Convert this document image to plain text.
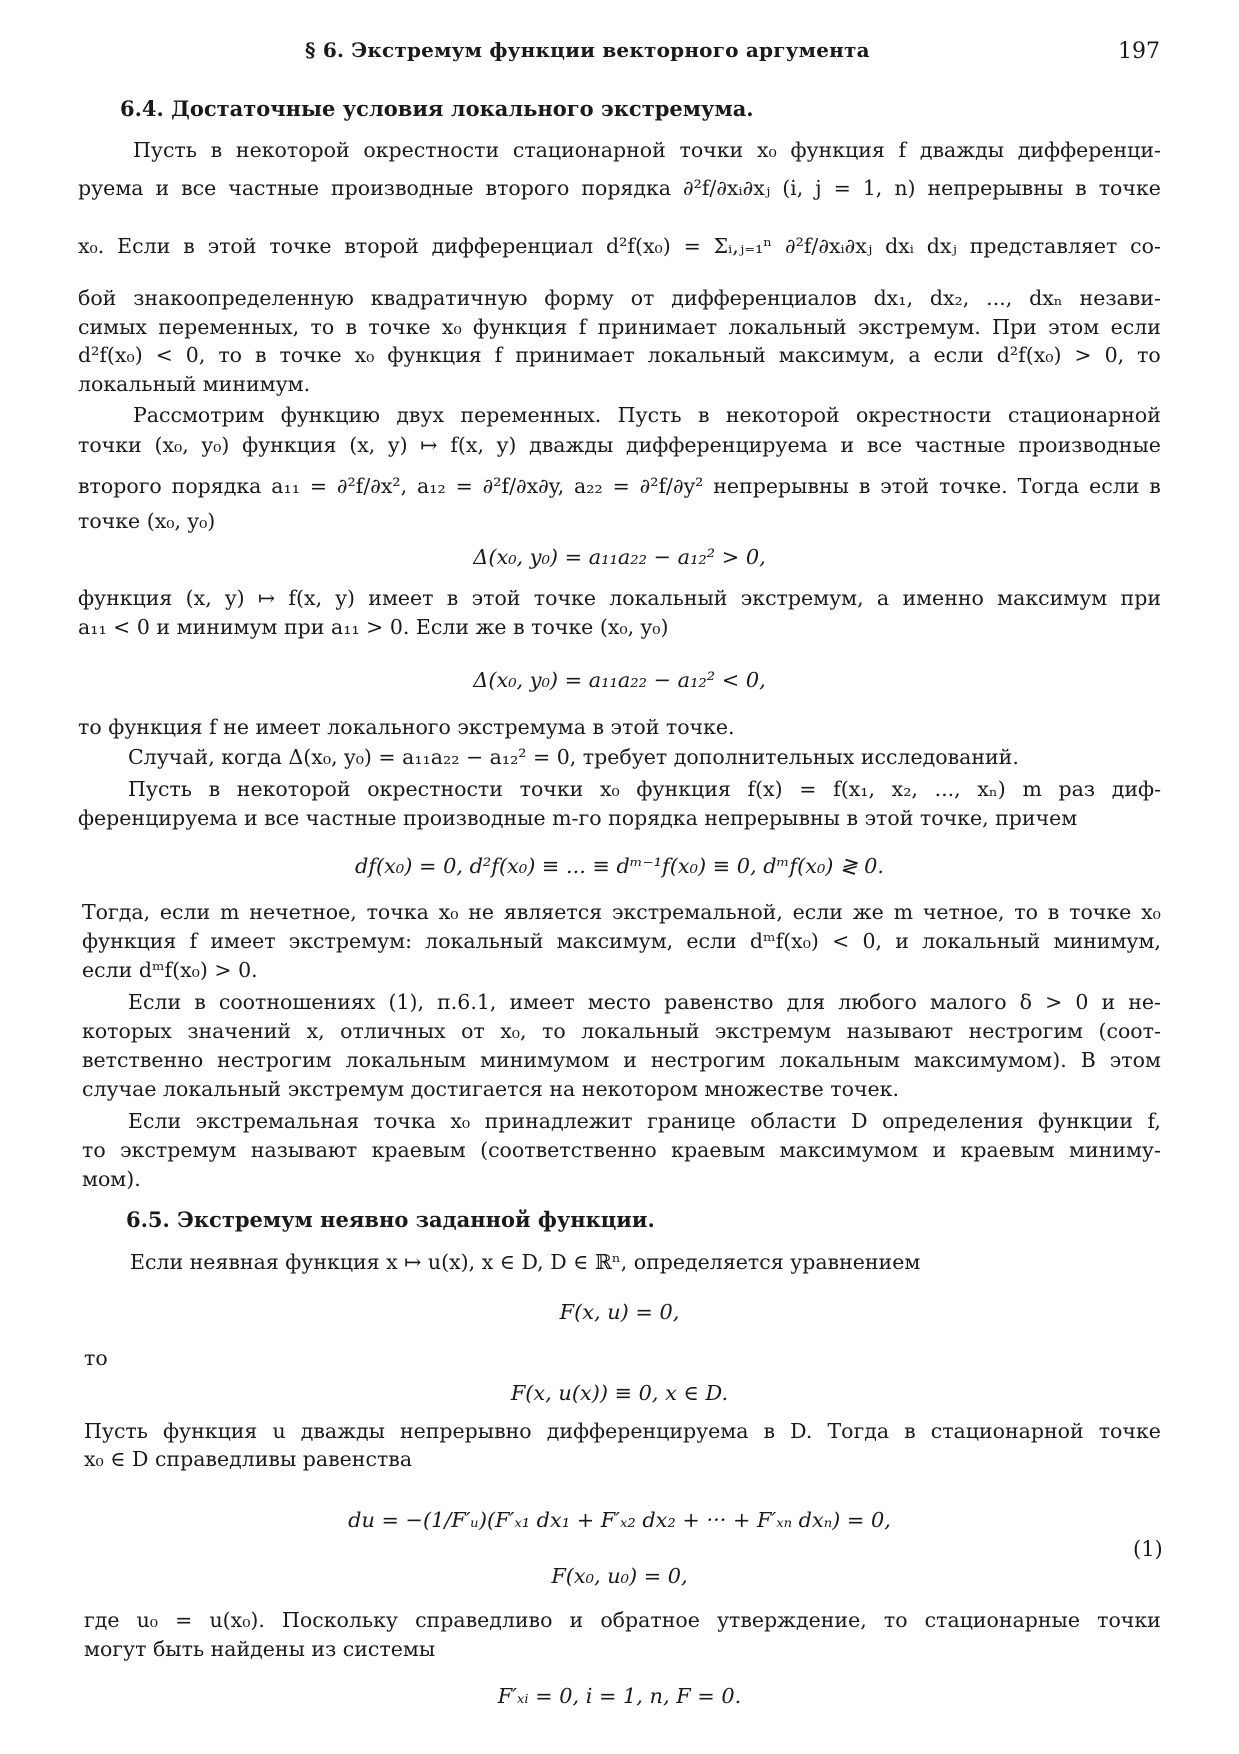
§ 6. Экстремум функции векторного аргумента	197
6.4. Достаточные условия локального экстремума.
Пусть в некоторой окрестности стационарной точки x₀ функция f дважды дифференци-
руема и все частные производные второго порядка ∂²f/∂xᵢ∂xⱼ (i, j = 1, n) непрерывны в точке
x₀. Если в этой точке второй дифференциал d²f(x₀) = Σᵢ,ⱼ₌₁ⁿ ∂²f/∂xᵢ∂xⱼ dxᵢ dxⱼ представляет со-
бой знакоопределенную квадратичную форму от дифференциалов dx₁, dx₂, ..., dxₙ незави-
симых переменных, то в точке x₀ функция f принимает локальный экстремум. При этом если
d²f(x₀) < 0, то в точке x₀ функция f принимает локальный максимум, а если d²f(x₀) > 0, то
локальный минимум.
Рассмотрим функцию двух переменных. Пусть в некоторой окрестности стационарной
точки (x₀, y₀) функция (x, y) ↦ f(x, y) дважды дифференцируема и все частные производные
второго порядка a₁₁ = ∂²f/∂x², a₁₂ = ∂²f/∂x∂y, a₂₂ = ∂²f/∂y² непрерывны в этой точке. Тогда если в
точке (x₀, y₀)
Δ(x₀, y₀) = a₁₁a₂₂ − a₁₂² > 0,
функция (x, y) ↦ f(x, y) имеет в этой точке локальный экстремум, а именно максимум при
a₁₁ < 0 и минимум при a₁₁ > 0. Если же в точке (x₀, y₀)
Δ(x₀, y₀) = a₁₁a₂₂ − a₁₂² < 0,
то функция f не имеет локального экстремума в этой точке.
Случай, когда Δ(x₀, y₀) = a₁₁a₂₂ − a₁₂² = 0, требует дополнительных исследований.
Пусть в некоторой окрестности точки x₀ функция f(x) = f(x₁, x₂, ..., xₙ) m раз диф-
ференцируема и все частные производные m-го порядка непрерывны в этой точке, причем
df(x₀) = 0, d²f(x₀) ≡ ... ≡ dᵐ⁻¹f(x₀) ≡ 0, dᵐf(x₀) ≷ 0.
Тогда, если m нечетное, точка x₀ не является экстремальной, если же m четное, то в точке x₀
функция f имеет экстремум: локальный максимум, если dᵐf(x₀) < 0, и локальный минимум,
если dᵐf(x₀) > 0.
Если в соотношениях (1), п.6.1, имеет место равенство для любого малого δ > 0 и не-
которых значений x, отличных от x₀, то локальный экстремум называют нестрогим (соот-
ветственно нестрогим локальным минимумом и нестрогим локальным максимумом). В этом
случае локальный экстремум достигается на некотором множестве точек.
Если экстремальная точка x₀ принадлежит границе области D определения функции f,
то экстремум называют краевым (соответственно краевым максимумом и краевым миниму-
мом).
6.5. Экстремум неявно заданной функции.
Если неявная функция x ↦ u(x), x ∈ D, D ∈ ℝⁿ, определяется уравнением
F(x, u) = 0,
то
F(x, u(x)) ≡ 0, x ∈ D.
Пусть функция u дважды непрерывно дифференцируема в D. Тогда в стационарной точке
x₀ ∈ D справедливы равенства
du = −(1/F′ᵤ)(F′ₓ₁ dx₁ + F′ₓ₂ dx₂ + ··· + F′ₓₙ dxₙ) = 0,
F(x₀, u₀) = 0,
(1)
где u₀ = u(x₀). Поскольку справедливо и обратное утверждение, то стационарные точки
могут быть найдены из системы
F′ₓᵢ = 0, i = 1, n, F = 0.
